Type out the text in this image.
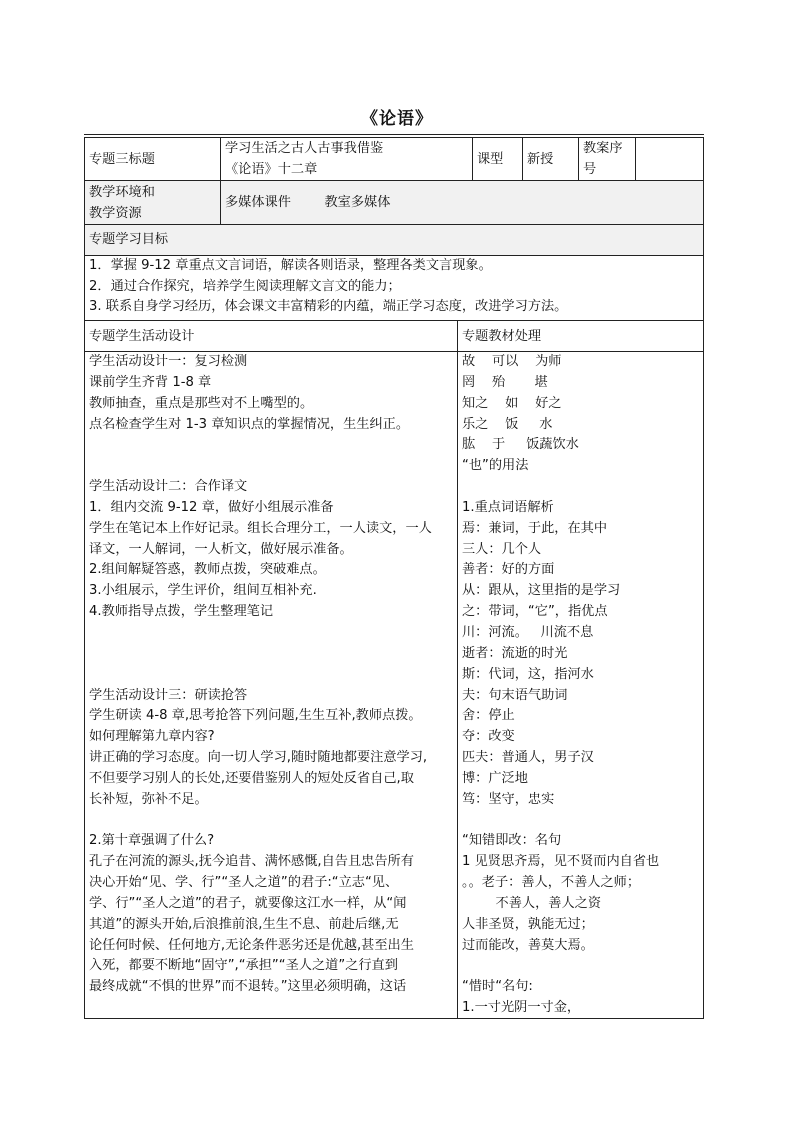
《论语》
专题三标题
学习生活之古人古事我借鉴
《论语》十二章
课型	新授
教案序
号
教学环境和
教学资源
多媒体课件        教室多媒体
专题学习目标
1．掌握 9-12 章重点文言词语，解读各则语录，整理各类文言现象。
2．通过合作探究，培养学生阅读理解文言文的能力；
3. 联系自身学习经历，体会课文丰富精彩的内蕴，端正学习态度，改进学习方法。
专题学生活动设计	专题教材处理
学生活动设计一：复习检测
课前学生齐背 1-8 章
教师抽查，重点是那些对不上嘴型的。
点名检查学生对 1-3 章知识点的掌握情况，生生纠正。
学生活动设计二：合作译文
1．组内交流 9-12 章，做好小组展示准备
学生在笔记本上作好记录。组长合理分工，一人读文，一人
译文，一人解词，一人析文，做好展示准备。
2.组间解疑答惑，教师点拨，突破难点。
3.小组展示，学生评价，组间互相补充.
4.教师指导点拨，学生整理笔记
学生活动设计三：研读抢答
学生研读 4-8 章,思考抢答下列问题,生生互补,教师点拨。
如何理解第九章内容?
讲正确的学习态度。向一切人学习,随时随地都要注意学习,
不但要学习别人的长处,还要借鉴别人的短处反省自己,取
长补短，弥补不足。
2.第十章强调了什么?
孔子在河流的源头,抚今追昔、满怀感慨,自告且忠告所有
决心开始“见、学、行”“圣人之道”的君子:“立志“见、
学、行”“圣人之道”的君子，就要像这江水一样，从“闻
其道”的源头开始,后浪推前浪,生生不息、前赴后继,无
论任何时候、任何地方,无论条件恶劣还是优越,甚至出生
入死，都要不断地“固守”,“承担”“圣人之道”之行直到
最终成就“不惧的世界”而不退转。”这里必须明确，这话
故    可以    为师
罔    殆       堪
知之    如    好之
乐之    饭     水
肱    于     饭蔬饮水
“也”的用法
1.重点词语解析
焉：兼词，于此，在其中
三人：几个人
善者：好的方面
从：跟从，这里指的是学习
之：带词，“它”，指优点
川：河流。   川流不息
逝者：流逝的时光
斯：代词，这，指河水
夫：句末语气助词
舍：停止
夺：改变
匹夫：普通人，男子汉
博：广泛地
笃：坚守，忠实
“知错即改：名句
1 见贤思齐焉，见不贤而内自省也
。。老子：善人，不善人之师；
不善人，善人之资
人非圣贤，孰能无过；
过而能改，善莫大焉。
“惜时“名句:
1.一寸光阴一寸金，
